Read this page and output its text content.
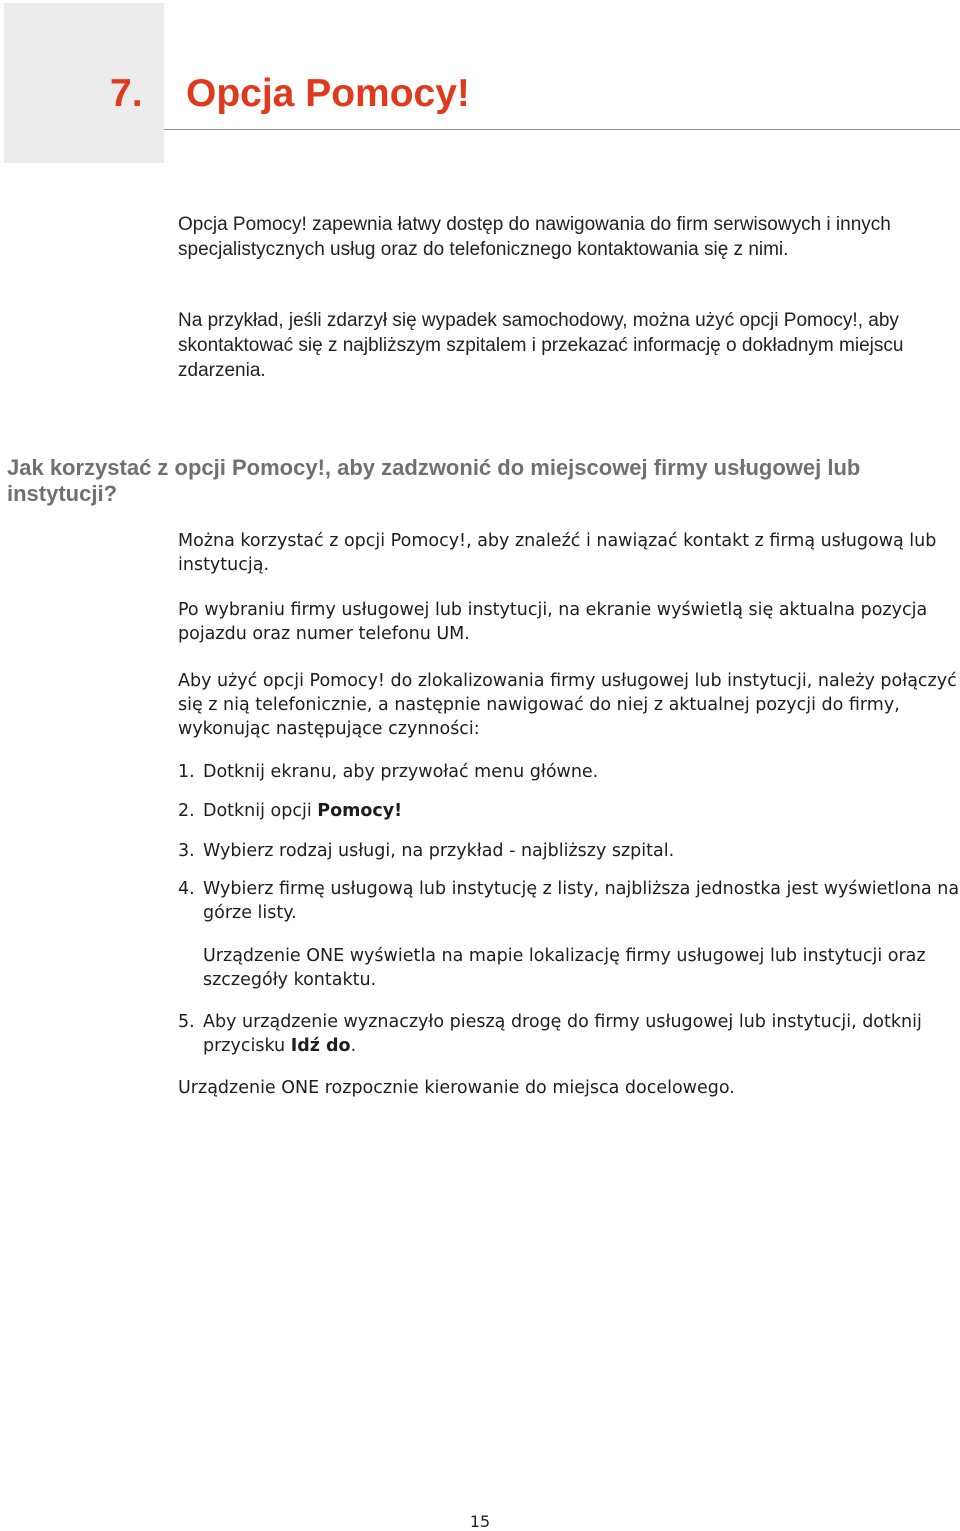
7. Opcja Pomocy!

Opcja Pomocy! zapewnia łatwy dostęp do nawigowania do firm serwisowych i innych specjalistycznych usług oraz do telefonicznego kontaktowania się z nimi.

Na przykład, jeśli zdarzył się wypadek samochodowy, można użyć opcji Pomocy!, aby skontaktować się z najbliższym szpitalem i przekazać informację o dokładnym miejscu zdarzenia.

Jak korzystać z opcji Pomocy!, aby zadzwonić do miejscowej firmy usługowej lub instytucji?

Można korzystać z opcji Pomocy!, aby znaleźć i nawiązać kontakt z firmą usługową lub instytucją.

Po wybraniu firmy usługowej lub instytucji, na ekranie wyświetlą się aktualna pozycja pojazdu oraz numer telefonu UM.

Aby użyć opcji Pomocy! do zlokalizowania firmy usługowej lub instytucji, należy połączyć się z nią telefonicznie, a następnie nawigować do niej z aktualnej pozycji do firmy, wykonując następujące czynności:

1. Dotknij ekranu, aby przywołać menu główne.
2. Dotknij opcji Pomocy!
3. Wybierz rodzaj usługi, na przykład - najbliższy szpital.
4. Wybierz firmę usługową lub instytucję z listy, najbliższa jednostka jest wyświetlona na górze listy.
Urządzenie ONE wyświetla na mapie lokalizację firmy usługowej lub instytucji oraz szczegóły kontaktu.
5. Aby urządzenie wyznaczyło pieszą drogę do firmy usługowej lub instytucji, dotknij przycisku Idź do.

Urządzenie ONE rozpocznie kierowanie do miejsca docelowego.

15
